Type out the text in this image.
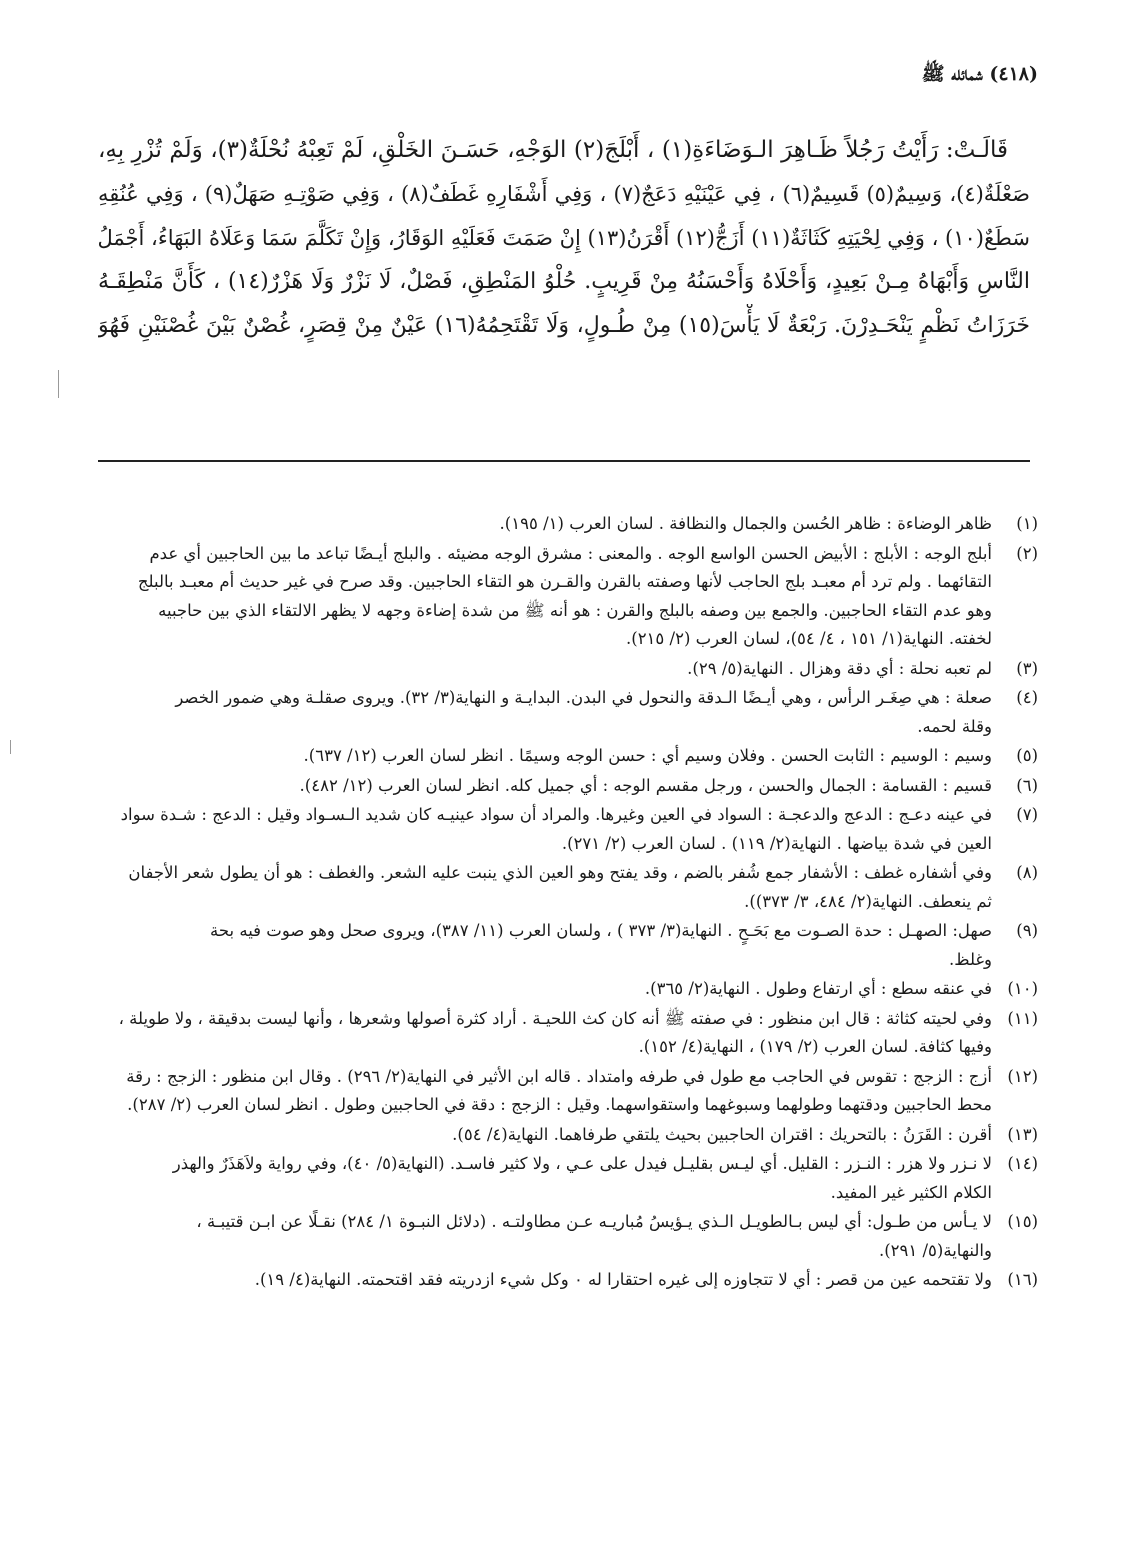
(٤١٨) شمائله ﷺ
قَالَـتْ: رَأَيْتُ رَجُلاً ظَـاهِرَ الـوَضَاءَةِ(١) ، أَبْلَجَ(٢) الوَجْهِ، حَسَـنَ الخَلْقِ، لَمْ تَعِبْهُ نُحْلَةٌ(٣)، وَلَمْ تُزْرِ بِهِ،
صَعْلَةٌ(٤)، وَسِيمٌ(٥) قَسِيمٌ(٦) ، فِي عَيْنَيْهِ دَعَجٌ(٧) ، وَفِي أَشْفَارِهِ غَطَفٌ(٨) ، وَفِي صَوْتِـهِ صَهَلٌ(٩) ، وَفِي عُنُقِهِ
سَطَعٌ(١٠) ، وَفِي لِحْيَتِهِ كَثَاثَةٌ(١١) أَزَجُّ(١٢) أَقْرَنُ(١٣) إِنْ صَمَتَ فَعَلَيْهِ الوَقَارُ، وَإِنْ تَكَلَّمَ سَمَا وَعَلَاهُ البَهَاءُ، أَجْمَلُ
النَّاسِ وَأَبْهَاهُ مِـنْ بَعِيدٍ، وَأَحْلَاهُ وَأَحْسَنُهُ مِنْ قَرِيبٍ. حُلْوُ المَنْطِقِ، فَصْلٌ، لَا نَزْرٌ وَلَا هَزْرٌ(١٤) ، كَأَنَّ مَنْطِقَـهُ
خَرَزَاتُ نَظْمٍ يَنْحَـدِرْنَ. رَبْعَةٌ لَا يَأْسَ(١٥) مِنْ طُـولٍ، وَلَا تَقْتَحِمُهُ(١٦) عَيْنٌ مِنْ قِصَرٍ، غُصْنٌ بَيْنَ غُصْنَيْنِ فَهُوَ
(١)
ظاهر الوضاءة : ظاهر الحُسن والجمال والنظافة . لسان العرب (١/ ١٩٥).
(٢)
أبلج الوجه : الأبلج : الأبيض الحسن الواسع الوجه . والمعنى : مشرق الوجه مضيئه . والبلج أيـضًا تباعد ما بين الحاجبين أي عدم
التقائهما . ولم ترد أم معبـد بلج الحاجب لأنها وصفته بالقرن والقـرن هو التقاء الحاجبين. وقد صرح في غير حديث أم معبـد بالبلج
وهو عدم التقاء الحاجبين. والجمع بين وصفه بالبلج والقرن : هو أنه ﷺ من شدة إضاءة وجهه لا يظهر الالتقاء الذي بين حاجبيه
لخفته. النهاية(١/ ١٥١ ، ٤/ ٥٤)، لسان العرب (٢/ ٢١٥).
(٣)
لم تعبه نحلة : أي دقة وهزال . النهاية(٥/ ٢٩).
(٤)
صعلة : هي صِغَـر الرأس ، وهي أيـضًا الـدقة والنحول في البدن. البدايـة و النهاية(٣/ ٣٢). ويروى صقلـة وهي ضمور الخصر
وقلة لحمه.
(٥)
وسيم : الوسيم : الثابت الحسن . وفلان وسيم أي : حسن الوجه وسيمًا . انظر لسان العرب (١٢/ ٦٣٧).
(٦)
قسيم : القسامة : الجمال والحسن ، ورجل مقسم الوجه : أي جميل كله. انظر لسان العرب (١٢/ ٤٨٢).
(٧)
في عينه دعـج : الدعج والدعجـة : السواد في العين وغيرها. والمراد أن سواد عينيـه كان شديد الـسـواد وقيل : الدعج : شـدة سواد
العين في شدة بياضها . النهاية(٢/ ١١٩) . لسان العرب (٢/ ٢٧١).
(٨)
وفي أشفاره غطف : الأشفار جمع شُفر بالضم ، وقد يفتح وهو العين الذي ينبت عليه الشعر. والغطف : هو أن يطول شعر الأجفان
ثم ينعطف. النهاية(٢/ ٤٨٤، ٣/ ٣٧٣)).
(٩)
صهل: الصهـل : حدة الصـوت مع بَحَـحٍ . النهاية(٣/ ٣٧٣ ) ، ولسان العرب (١١/ ٣٨٧)، ويروى صحل وهو صوت فيه بحة
وغلظ.
(١٠)
في عنقه سطع : أي ارتفاع وطول . النهاية(٢/ ٣٦٥).
(١١)
وفي لحيته كثاثة : قال ابن منظور : في صفته ﷺ أنه كان كث اللحيـة . أراد كثرة أصولها وشعرها ، وأنها ليست بدقيقة ، ولا طويلة ،
وفيها كثافة. لسان العرب (٢/ ١٧٩) ، النهاية(٤/ ١٥٢).
(١٢)
أزج : الزجج : تقوس في الحاجب مع طول في طرفه وامتداد . قاله ابن الأثير في النهاية(٢/ ٢٩٦) . وقال ابن منظور : الزجج : رقة
محط الحاجبين ودقتهما وطولهما وسبوغهما واستقواسهما. وقيل : الزجج : دقة في الحاجبين وطول . انظر لسان العرب (٢/ ٢٨٧).
(١٣)
أقرن : القَرَنُ : بالتحريك : اقتران الحاجبين بحيث يلتقي طرفاهما. النهاية(٤/ ٥٤).
(١٤)
لا نـزر ولا هزر : النـزر : القليل. أي ليـس بقليـل فيدل على عـي ، ولا كثير فاسـد. (النهاية(٥/ ٤٠)، وفي رواية ولاَهَذَرٌ والهذر
الكلام الكثير غير المفيد.
(١٥)
لا يـأس من طـول: أي ليس بـالطويـل الـذي يـؤيسُ مُباريـه عـن مطاولتـه . (دلائل النبـوة ١/ ٢٨٤) نقـلًا عن ابـن قتيبـة ،
والنهاية(٥/ ٢٩١).
(١٦)
ولا تقتحمه عين من قصر : أي لا تتجاوزه إلى غيره احتقارا له ٠ وكل شيء ازدريته فقد اقتحمته. النهاية(٤/ ١٩).
